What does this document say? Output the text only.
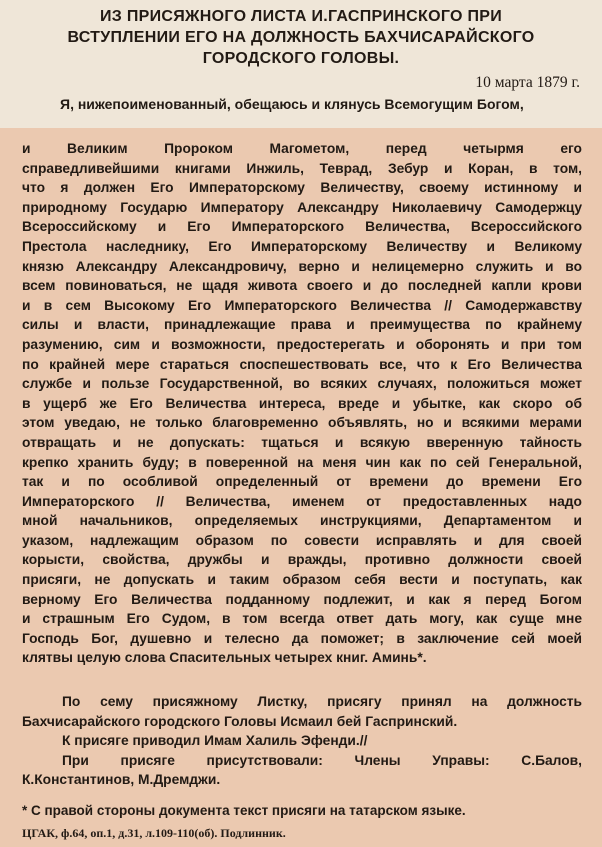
ИЗ ПРИСЯЖНОГО ЛИСТА И.ГАСПРИНСКОГО ПРИ
ВСТУПЛЕНИИ ЕГО НА ДОЛЖНОСТЬ БАХЧИСАРАЙСКОГО
ГОРОДСКОГО ГОЛОВЫ.

10 марта 1879 г.

Я, нижепоименованный, обещаюсь и клянусь Всемогущим Богом,

и Великим Пророком Магометом, перед четырмя его
справедливейшими книгами Инжиль, Теврад, Зебур и Коран, в том,
что я должен Его Императорскому Величеству, своему истинному и
природному Государю Императору Александру Николаевичу Самодержцу
Всероссийскому и Его Императорского Величества, Всероссийского
Престола наследнику, Его Императорскому Величеству и Великому
князю Александру Александровичу, верно и нелицемерно служить и во
всем повиноваться, не щадя живота своего и до последней капли крови
и в сем Высокому Его Императорского Величества // Самодержавству
силы и власти, принадлежащие права и преимущества по крайнему
разумению, сим и возможности, предостерегать и оборонять и при том
по крайней мере стараться споспешествовать все, что к Его Величества
службе и пользе Государственной, во всяких случаях, положиться может
в ущерб же Его Величества интереса, вреде и убытке, как скоро об
этом уведаю, не только благовременно объявлять, но и всякими мерами
отвращать и не допускать: тщаться и всякую вверенную тайность
крепко хранить буду; в поверенной на меня чин как по сей Генеральной,
так и по особливой определенный от времени до времени Его
Императорского // Величества, именем от предоставленных надо
мной начальников, определяемых инструкциями, Департаментом и
указом, надлежащим образом по совести исправлять и для своей
корысти, свойства, дружбы и вражды, противно должности своей
присяги, не допускать и таким образом себя вести и поступать, как
верному Его Величества подданному подлежит, и как я перед Богом
и страшным Его Судом, в том всегда ответ дать могу, как суще мне
Господь Бог, душевно и телесно да поможет; в заключение сей моей
клятвы целую слова Спасительных четырех книг. Аминь*.

По сему присяжному Листку, присягу принял на должность
Бахчисарайского городского Головы Исмаил бей Гаспринский.
К присяге приводил Имам Халиль Эфенди.//
При присяге присутствовали: Члены Управы: С.Балов,
К.Константинов, М.Дремджи.

* С правой стороны документа текст присяги на татарском языке.

ЦГАК, ф.64, оп.1, д.31, л.109-110(об). Подлинник.
